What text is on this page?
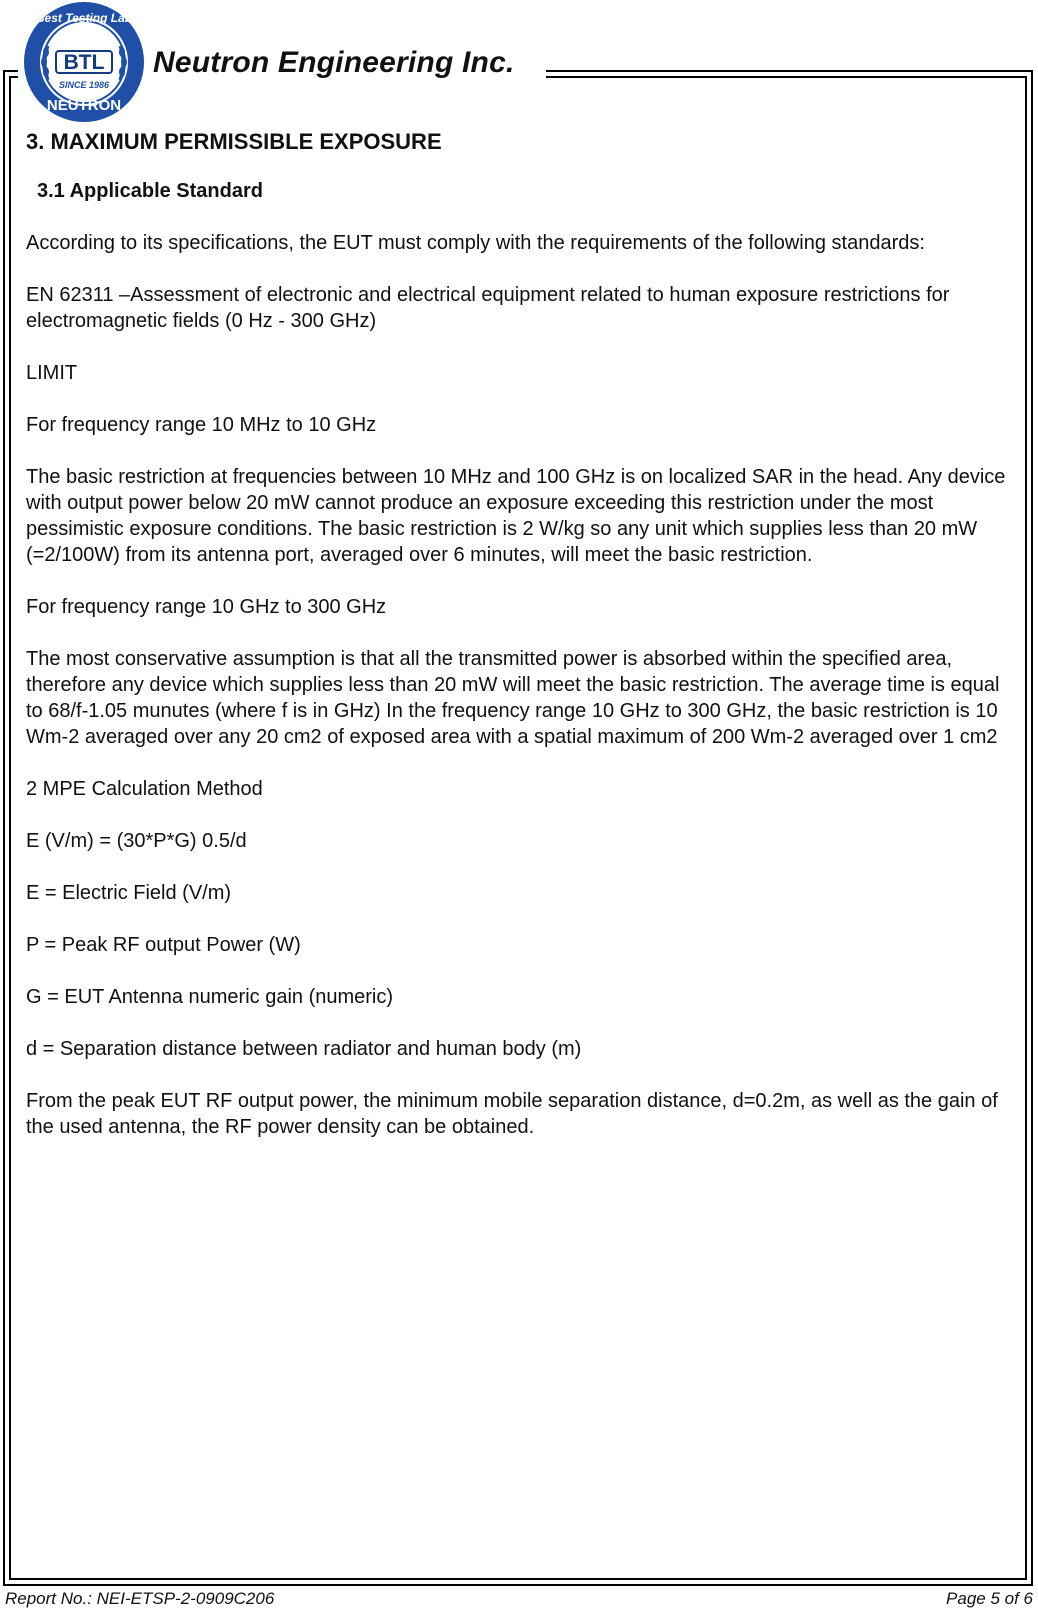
Best Testing Lab
BTL
SINCE 1986
NEUTRON
Neutron Engineering Inc.
3. MAXIMUM PERMISSIBLE EXPOSURE
3.1 Applicable Standard

According to its specifications, the EUT must comply with the requirements of the following standards:

EN 62311 –Assessment of electronic and electrical equipment related to human exposure restrictions for electromagnetic fields (0 Hz - 300 GHz)

LIMIT

For frequency range 10 MHz to 10 GHz

The basic restriction at frequencies between 10 MHz and 100 GHz is on localized SAR in the head. Any device with output power below 20 mW cannot produce an exposure exceeding this restriction under the most pessimistic exposure conditions. The basic restriction is 2 W/kg so any unit which supplies less than 20 mW (=2/100W) from its antenna port, averaged over 6 minutes, will meet the basic restriction.

For frequency range 10 GHz to 300 GHz

The most conservative assumption is that all the transmitted power is absorbed within the specified area, therefore any device which supplies less than 20 mW will meet the basic restriction. The average time is equal to 68/f-1.05 munutes (where f is in GHz) In the frequency range 10 GHz to 300 GHz, the basic restriction is 10 Wm-2 averaged over any 20 cm2 of exposed area with a spatial maximum of 200 Wm-2 averaged over 1 cm2

2 MPE Calculation Method

E (V/m) = (30*P*G) 0.5/d

E = Electric Field (V/m)

P = Peak RF output Power (W)

G = EUT Antenna numeric gain (numeric)

d = Separation distance between radiator and human body (m)

From the peak EUT RF output power, the minimum mobile separation distance, d=0.2m, as well as the gain of the used antenna, the RF power density can be obtained.

Report No.: NEI-ETSP-2-0909C206	Page 5 of 6
